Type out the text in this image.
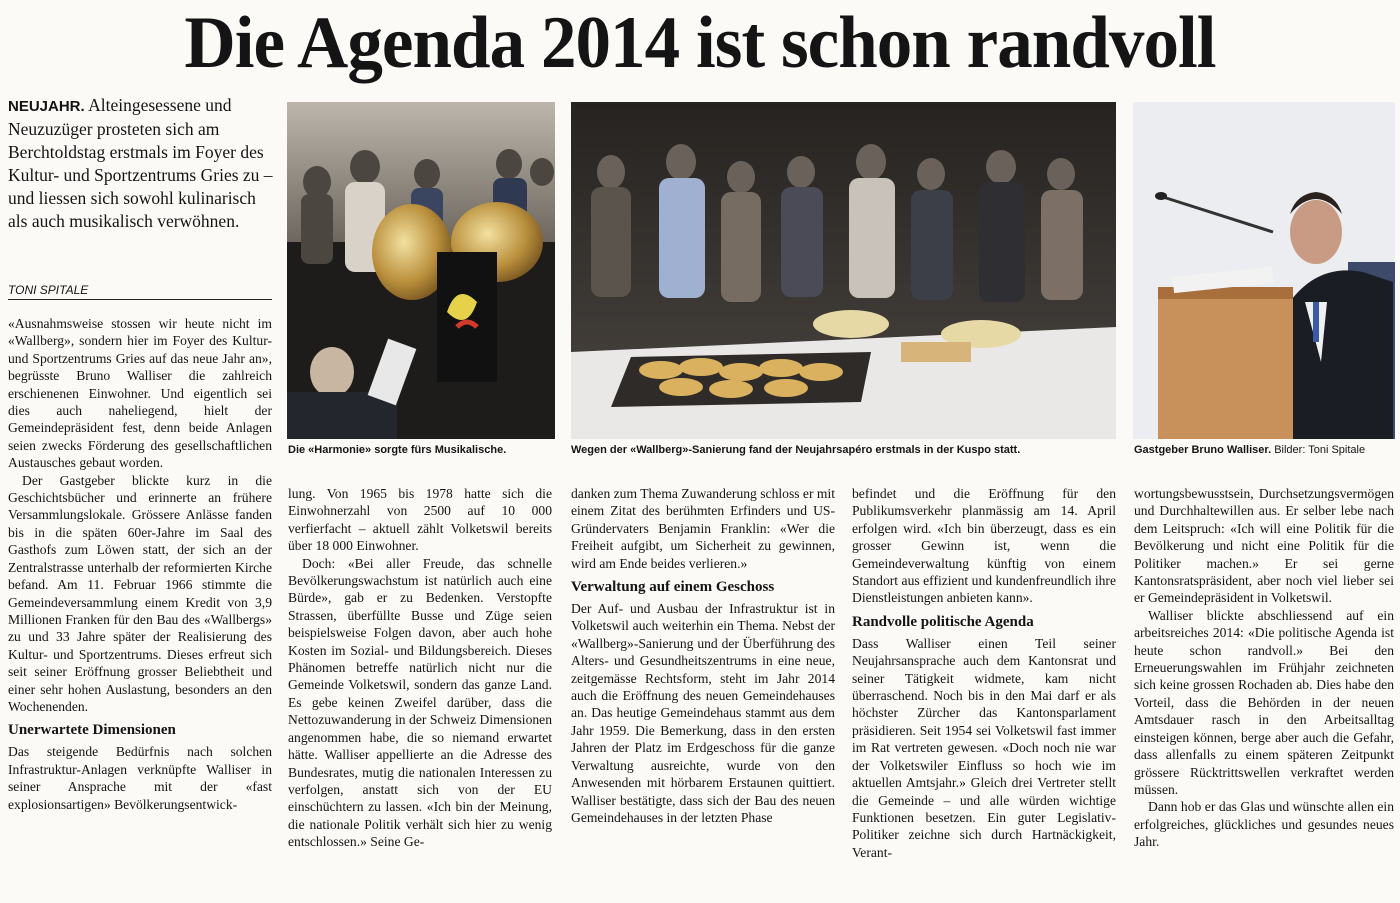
Die Agenda 2014 ist schon randvoll
NEUJAHR. Alteingesessene und Neuzuzüger prosteten sich am Berchtoldstag erstmals im Foyer des Kultur- und Sportzentrums Gries zu – und liessen sich sowohl kulinarisch als auch musikalisch verwöhnen.
TONI SPITALE
Die «Harmonie» sorgte fürs Musikalische.	Wegen der «Wallberg»-Sanierung fand der Neujahrsapéro erstmals in der Kuspo statt.	Gastgeber Bruno Walliser. Bilder: Toni Spitale

«Ausnahmsweise stossen wir heute nicht im «Wallberg», sondern hier im Foyer des Kultur- und Sportzentrums Gries auf das neue Jahr an», begrüsste Bruno Walliser die zahlreich erschienenen Einwohner. Und eigentlich sei dies auch naheliegend, hielt der Gemeindepräsident fest, denn beide Anlagen seien zwecks Förderung des gesellschaftlichen Austausches gebaut worden.

Der Gastgeber blickte kurz in die Geschichtsbücher und erinnerte an frühere Versammlungslokale. Grössere Anlässe fanden bis in die späten 60er-Jahre im Saal des Gasthofs zum Löwen statt, der sich an der Zentralstrasse unterhalb der reformierten Kirche befand. Am 11. Februar 1966 stimmte die Gemeindeversammlung einem Kredit von 3,9 Millionen Franken für den Bau des «Wallbergs» zu und 33 Jahre später der Realisierung des Kultur- und Sportzentrums. Dieses erfreut sich seit seiner Eröffnung grosser Beliebtheit und einer sehr hohen Auslastung, besonders an den Wochenenden.

Unerwartete Dimensionen

Das steigende Bedürfnis nach solchen Infrastruktur-Anlagen verknüpfte Walliser in seiner Ansprache mit der «fast explosionsartigen» Bevölkerungsentwick-

lung. Von 1965 bis 1978 hatte sich die Einwohnerzahl von 2500 auf 10 000 verfierfacht – aktuell zählt Volketswil bereits über 18 000 Einwohner.

Doch: «Bei aller Freude, das schnelle Bevölkerungswachstum ist natürlich auch eine Bürde», gab er zu Bedenken. Verstopfte Strassen, überfüllte Busse und Züge seien beispielsweise Folgen davon, aber auch hohe Kosten im Sozial- und Bildungsbereich. Dieses Phänomen betreffe natürlich nicht nur die Gemeinde Volketswil, sondern das ganze Land. Es gebe keinen Zweifel darüber, dass die Nettozuwanderung in der Schweiz Dimensionen angenommen habe, die so niemand erwartet hätte. Walliser appellierte an die Adresse des Bundesrates, mutig die nationalen Interessen zu verfolgen, anstatt sich von der EU einschüchtern zu lassen. «Ich bin der Meinung, die nationale Politik verhält sich hier zu wenig entschlossen.» Seine Ge-

danken zum Thema Zuwanderung schloss er mit einem Zitat des berühmten Erfinders und US-Gründervaters Benjamin Franklin: «Wer die Freiheit aufgibt, um Sicherheit zu gewinnen, wird am Ende beides verlieren.»

Verwaltung auf einem Geschoss

Der Auf- und Ausbau der Infrastruktur ist in Volketswil auch weiterhin ein Thema. Nebst der «Wallberg»-Sanierung und der Überführung des Alters- und Gesundheitszentrums in eine neue, zeitgemässe Rechtsform, steht im Jahr 2014 auch die Eröffnung des neuen Gemeindehauses an. Das heutige Gemeindehaus stammt aus dem Jahr 1959. Die Bemerkung, dass in den ersten Jahren der Platz im Erdgeschoss für die ganze Verwaltung ausreichte, wurde von den Anwesenden mit hörbarem Erstaunen quittiert. Walliser bestätigte, dass sich der Bau des neuen Gemeindehauses in der letzten Phase

befindet und die Eröffnung für den Publikumsverkehr planmässig am 14. April erfolgen wird. «Ich bin überzeugt, dass es ein grosser Gewinn ist, wenn die Gemeindeverwaltung künftig von einem Standort aus effizient und kundenfreundlich ihre Dienstleistungen anbieten kann».

Randvolle politische Agenda

Dass Walliser einen Teil seiner Neujahrsansprache auch dem Kantonsrat und seiner Tätigkeit widmete, kam nicht überraschend. Noch bis in den Mai darf er als höchster Zürcher das Kantonsparlament präsidieren. Seit 1954 sei Volketswil fast immer im Rat vertreten gewesen. «Doch noch nie war der Volketswiler Einfluss so hoch wie im aktuellen Amtsjahr.» Gleich drei Vertreter stellt die Gemeinde – und alle würden wichtige Funktionen besetzen. Ein guter Legislativ-Politiker zeichne sich durch Hartnäckigkeit, Verant-

wortungsbewusstsein, Durchsetzungsvermögen und Durchhaltewillen aus. Er selber lebe nach dem Leitspruch: «Ich will eine Politik für die Bevölkerung und nicht eine Politik für die Politiker machen.» Er sei gerne Kantonsratspräsident, aber noch viel lieber sei er Gemeindepräsident in Volketswil.

Walliser blickte abschliessend auf ein arbeitsreiches 2014: «Die politische Agenda ist heute schon randvoll.» Bei den Erneuerungswahlen im Frühjahr zeichneten sich keine grossen Rochaden ab. Dies habe den Vorteil, dass die Behörden in der neuen Amtsdauer rasch in den Arbeitsalltag einsteigen können, berge aber auch die Gefahr, dass allenfalls zu einem späteren Zeitpunkt grössere Rücktrittswellen verkraftet werden müssen.

Dann hob er das Glas und wünschte allen ein erfolgreiches, glückliches und gesundes neues Jahr.
